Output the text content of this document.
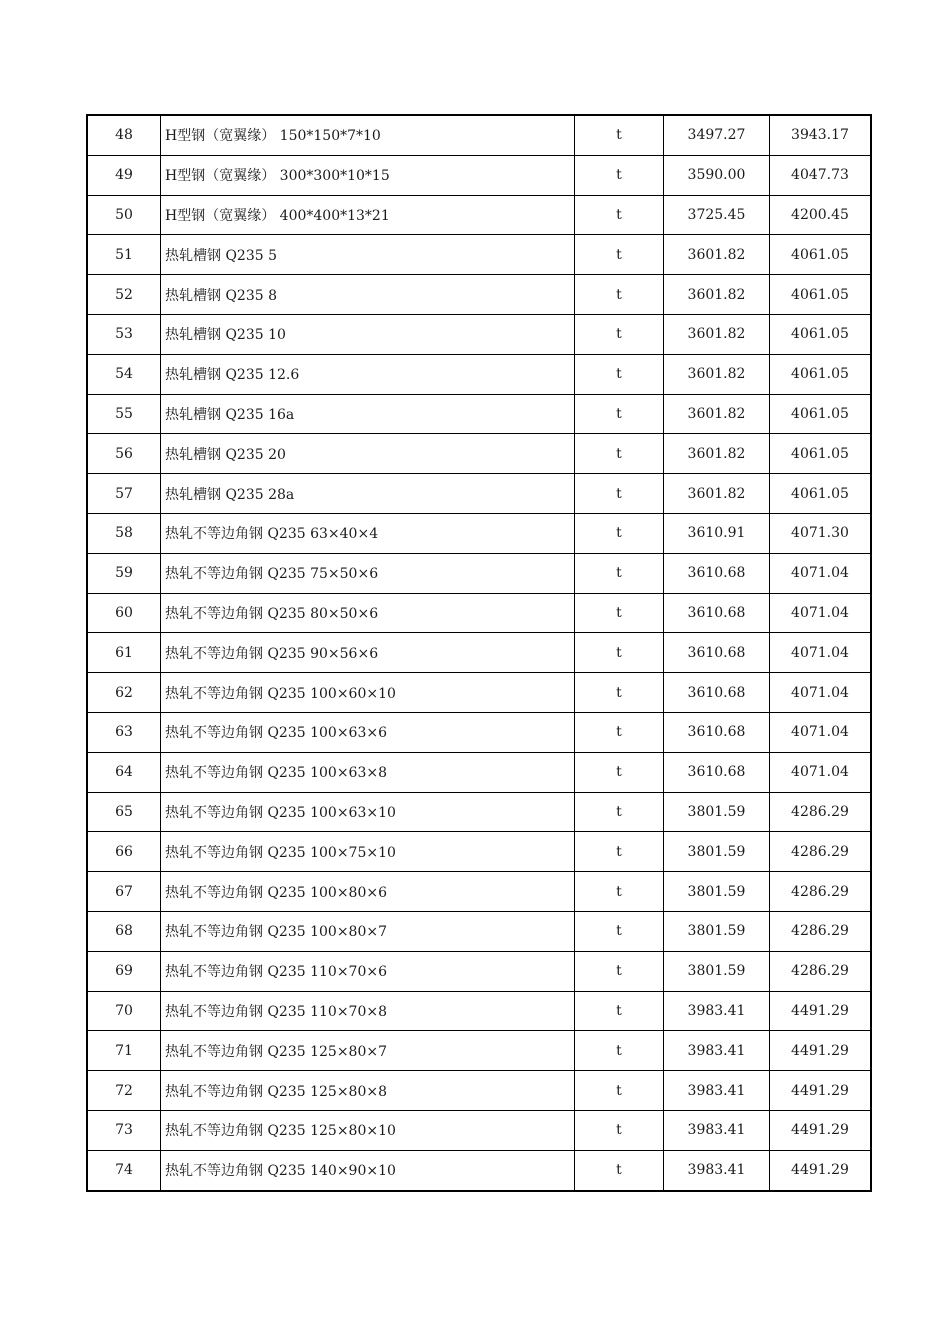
48	H型钢（宽翼缘） 150*150*7*10	t	3497.27	3943.17
49	H型钢（宽翼缘） 300*300*10*15	t	3590.00	4047.73
50	H型钢（宽翼缘） 400*400*13*21	t	3725.45	4200.45
51	热轧槽钢 Q235 5	t	3601.82	4061.05
52	热轧槽钢 Q235 8	t	3601.82	4061.05
53	热轧槽钢 Q235 10	t	3601.82	4061.05
54	热轧槽钢 Q235 12.6	t	3601.82	4061.05
55	热轧槽钢 Q235 16a	t	3601.82	4061.05
56	热轧槽钢 Q235 20	t	3601.82	4061.05
57	热轧槽钢 Q235 28a	t	3601.82	4061.05
58	热轧不等边角钢 Q235 63×40×4	t	3610.91	4071.30
59	热轧不等边角钢 Q235 75×50×6	t	3610.68	4071.04
60	热轧不等边角钢 Q235 80×50×6	t	3610.68	4071.04
61	热轧不等边角钢 Q235 90×56×6	t	3610.68	4071.04
62	热轧不等边角钢 Q235 100×60×10	t	3610.68	4071.04
63	热轧不等边角钢 Q235 100×63×6	t	3610.68	4071.04
64	热轧不等边角钢 Q235 100×63×8	t	3610.68	4071.04
65	热轧不等边角钢 Q235 100×63×10	t	3801.59	4286.29
66	热轧不等边角钢 Q235 100×75×10	t	3801.59	4286.29
67	热轧不等边角钢 Q235 100×80×6	t	3801.59	4286.29
68	热轧不等边角钢 Q235 100×80×7	t	3801.59	4286.29
69	热轧不等边角钢 Q235 110×70×6	t	3801.59	4286.29
70	热轧不等边角钢 Q235 110×70×8	t	3983.41	4491.29
71	热轧不等边角钢 Q235 125×80×7	t	3983.41	4491.29
72	热轧不等边角钢 Q235 125×80×8	t	3983.41	4491.29
73	热轧不等边角钢 Q235 125×80×10	t	3983.41	4491.29
74	热轧不等边角钢 Q235 140×90×10	t	3983.41	4491.29
